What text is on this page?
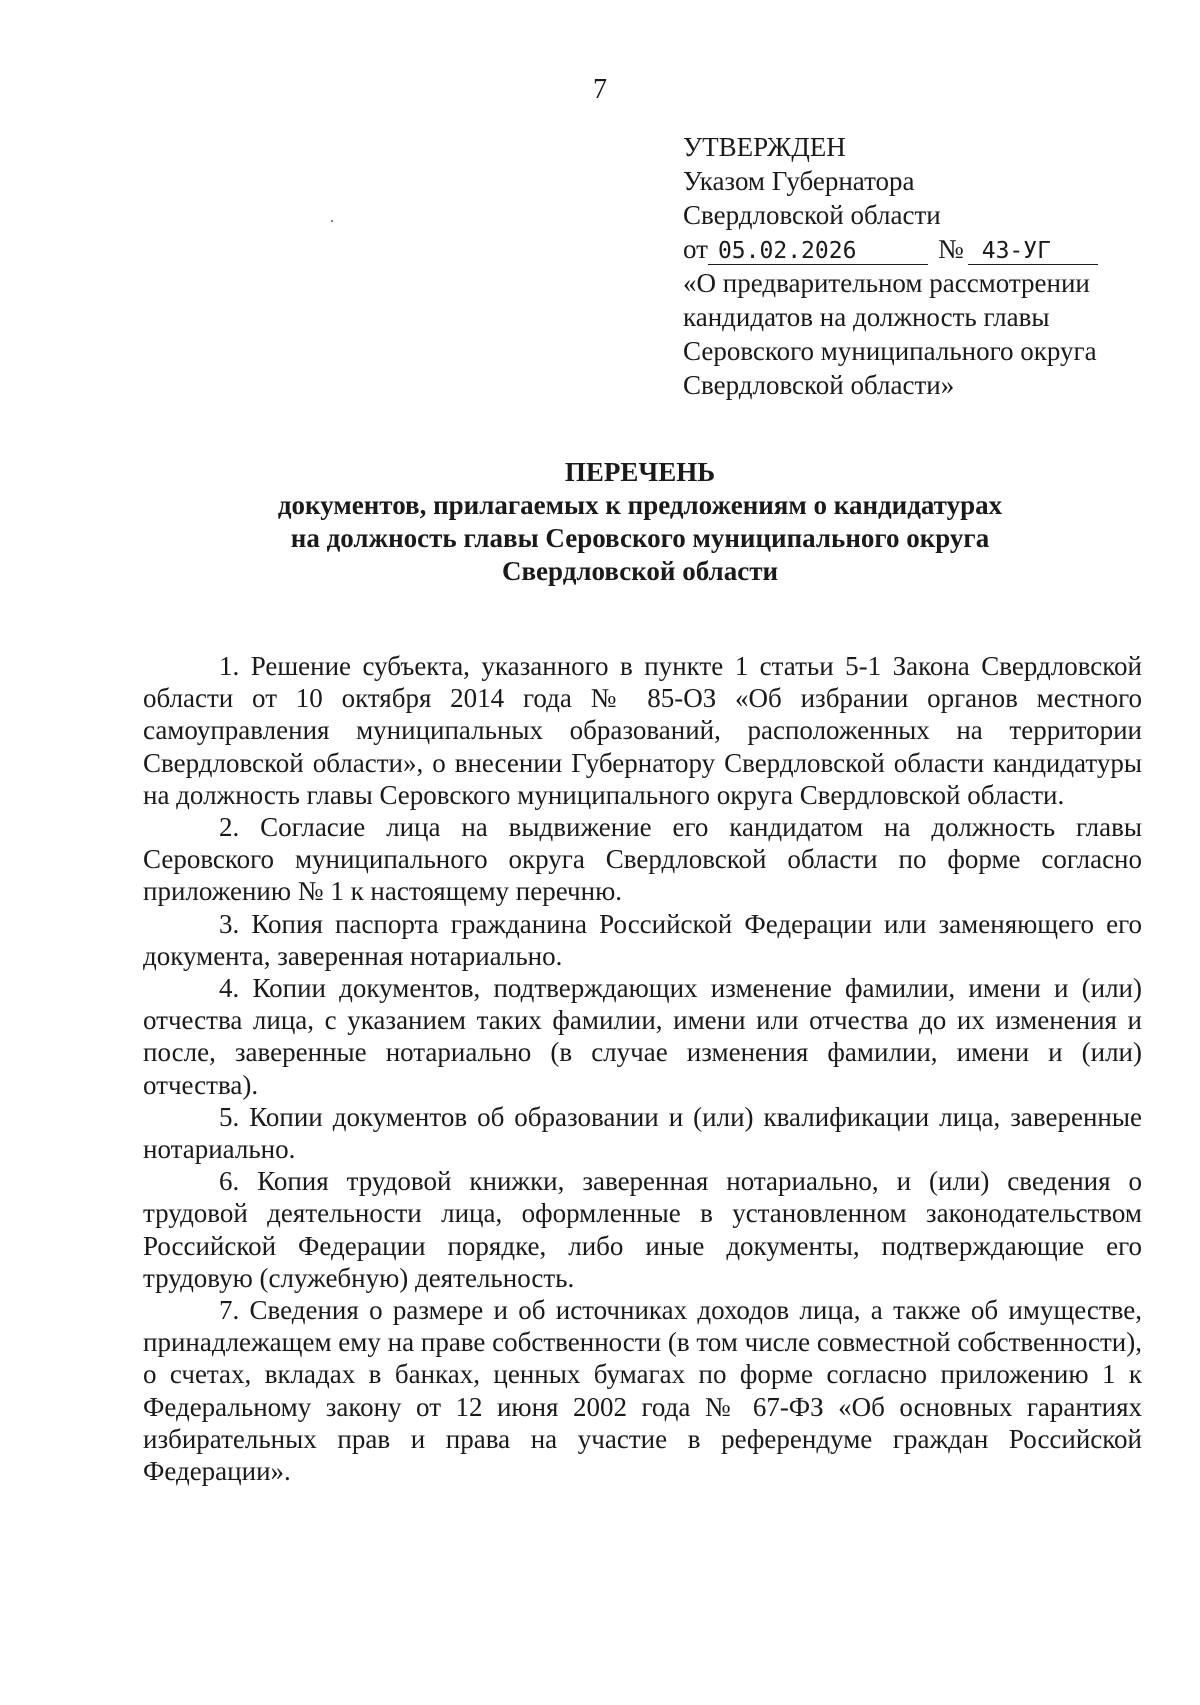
7
УТВЕРЖДЕН
Указом Губернатора
Свердловской области
от 05.02.2026	№ 43-УГ
«О предварительном рассмотрении
кандидатов на должность главы
Серовского муниципального округа
Свердловской области»
ПЕРЕЧЕНЬ
документов, прилагаемых к предложениям о кандидатурах
на должность главы Серовского муниципального округа
Свердловской области

1. Решение субъекта, указанного в пункте 1 статьи 5-1 Закона Свердловской области от 10 октября 2014 года № 85-ОЗ «Об избрании органов местного самоуправления муниципальных образований, расположенных на территории Свердловской области», о внесении Губернатору Свердловской области кандидатуры на должность главы Серовского муниципального округа Свердловской области.

2. Согласие лица на выдвижение его кандидатом на должность главы Серовского муниципального округа Свердловской области по форме согласно приложению № 1 к настоящему перечню.

3. Копия паспорта гражданина Российской Федерации или заменяющего его документа, заверенная нотариально.

4. Копии документов, подтверждающих изменение фамилии, имени и (или) отчества лица, с указанием таких фамилии, имени или отчества до их изменения и после, заверенные нотариально (в случае изменения фамилии, имени и (или) отчества).

5. Копии документов об образовании и (или) квалификации лица, заверенные нотариально.

6. Копия трудовой книжки, заверенная нотариально, и (или) сведения о трудовой деятельности лица, оформленные в установленном законодательством Российской Федерации порядке, либо иные документы, подтверждающие его трудовую (служебную) деятельность.

7. Сведения о размере и об источниках доходов лица, а также об имуществе, принадлежащем ему на праве собственности (в том числе совместной собственности), о счетах, вкладах в банках, ценных бумагах по форме согласно приложению 1 к Федеральному закону от 12 июня 2002 года № 67-ФЗ «Об основных гарантиях избирательных прав и права на участие в референдуме граждан Российской Федерации».
